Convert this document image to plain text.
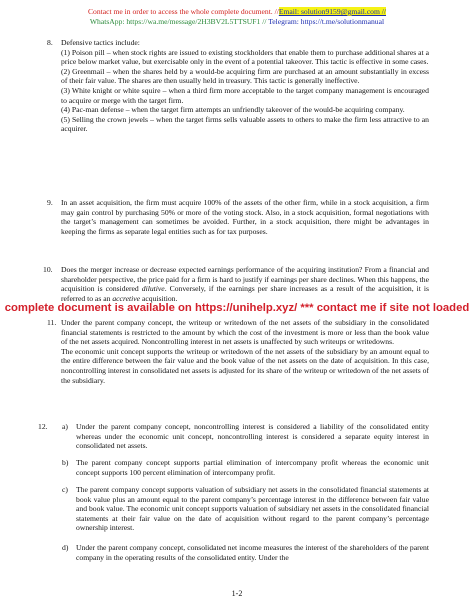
Contact me in order to access the whole complete document. //Email: solution9159@gmail.com //
WhatsApp: https://wa.me/message/2H3BV2L5TTSUF1 // Telegram: https://t.me/solutionmanual
8. Defensive tactics include:

(1) Poison pill – when stock rights are issued to existing stockholders that enable them to purchase additional shares at a price below market value, but exercisable only in the event of a potential takeover. This tactic is effective in some cases.

(2) Greenmail – when the shares held by a would-be acquiring firm are purchased at an amount substantially in excess of their fair value. The shares are then usually held in treasury. This tactic is generally ineffective.

(3) White knight or white squire – when a third firm more acceptable to the target company management is encouraged to acquire or merge with the target firm.

(4) Pac-man defense – when the target firm attempts an unfriendly takeover of the would-be acquiring company.

(5) Selling the crown jewels – when the target firms sells valuable assets to others to make the firm less attractive to an acquirer.

9. In an asset acquisition, the firm must acquire 100% of the assets of the other firm, while in a stock acquisition, a firm may gain control by purchasing 50% or more of the voting stock. Also, in a stock acquisition, formal negotiations with the target’s management can sometimes be avoided. Further, in a stock acquisition, there might be advantages in keeping the firms as separate legal entities such as for tax purposes.

10. Does the merger increase or decrease expected earnings performance of the acquiring institution? From a financial and shareholder perspective, the price paid for a firm is hard to justify if earnings per share declines. When this happens, the acquisition is considered dilutive. Conversely, if the earnings per share increases as a result of the acquisition, it is referred to as an accretive acquisition.

complete document is available on https://unihelp.xyz/ *** contact me if site not loaded
11. Under the parent company concept, the writeup or writedown of the net assets of the subsidiary in the consolidated financial statements is restricted to the amount by which the cost of the investment is more or less than the book value of the net assets acquired. Noncontrolling interest in net assets is unaffected by such writeups or writedowns.

The economic unit concept supports the writeup or writedown of the net assets of the subsidiary by an amount equal to the entire difference between the fair value and the book value of the net assets on the date of acquisition. In this case, noncontrolling interest in consolidated net assets is adjusted for its share of the writeup or writedown of the net assets of the subsidiary.

12. a) Under the parent company concept, noncontrolling interest is considered a liability of the consolidated entity whereas under the economic unit concept, noncontrolling interest is considered a separate equity interest in consolidated net assets.

b) The parent company concept supports partial elimination of intercompany profit whereas the economic unit concept supports 100 percent elimination of intercompany profit.

c) The parent company concept supports valuation of subsidiary net assets in the consolidated financial statements at book value plus an amount equal to the parent company’s percentage interest in the difference between fair value and book value. The economic unit concept supports valuation of subsidiary net assets in the consolidated financial statements at their fair value on the date of acquisition without regard to the parent company’s percentage ownership interest.

d) Under the parent company concept, consolidated net income measures the interest of the shareholders of the parent company in the operating results of the consolidated entity. Under the

1-2
